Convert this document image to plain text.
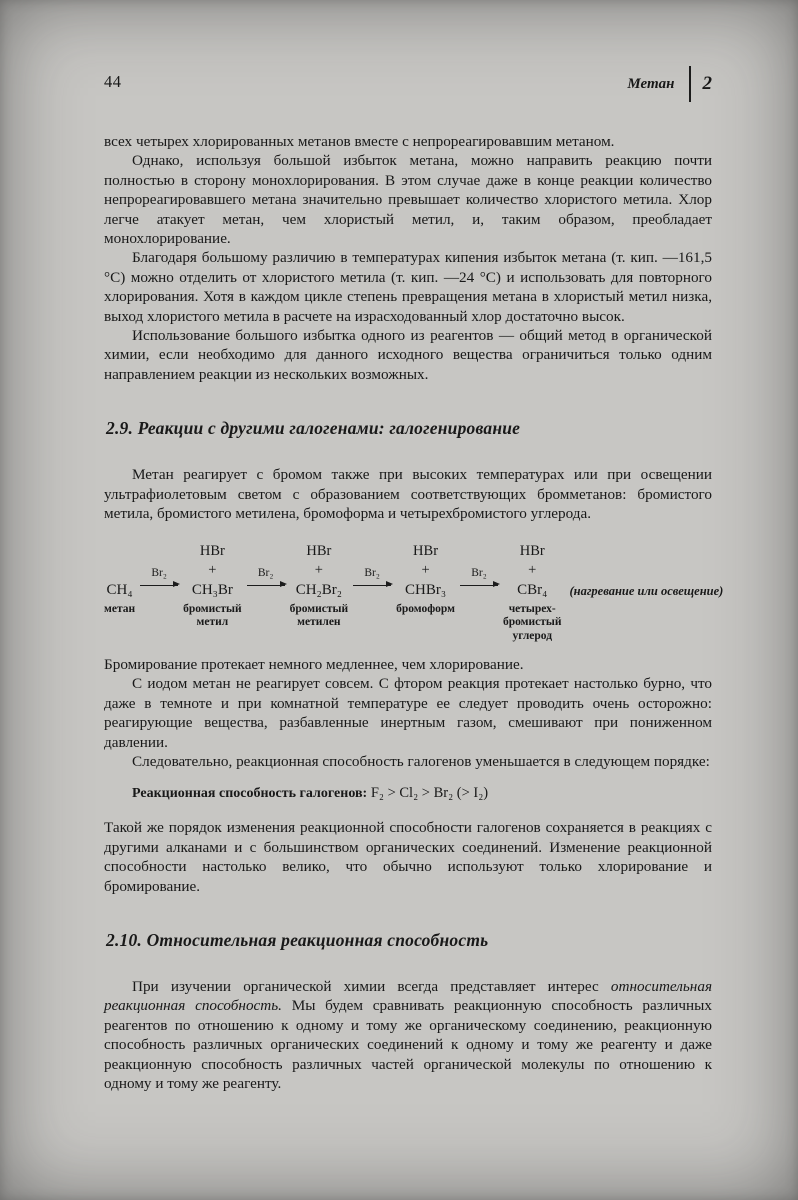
44	Метан 2

всех четырех хлорированных метанов вместе с непрореагировавшим метаном.

Однако, используя большой избыток метана, можно направить реакцию почти полностью в сторону монохлорирования. В этом случае даже в конце реакции количество непрореагировавшего метана значительно превышает количество хлористого метила. Хлор легче атакует метан, чем хлористый метил, и, таким образом, преобладает монохлорирование.

Благодаря большому различию в температурах кипения избыток метана (т. кип. —161,5 °С) можно отделить от хлористого метила (т. кип. —24 °С) и использовать для повторного хлорирования. Хотя в каждом цикле степень превращения метана в хлористый метил низка, выход хлористого метила в расчете на израсходованный хлор достаточно высок.

Использование большого избытка одного из реагентов — общий метод в органической химии, если необходимо для данного исходного вещества ограничиться только одним направлением реакции из нескольких возможных.

2.9. Реакции с другими галогенами: галогенирование

Метан реагирует с бромом также при высоких температурах или при освещении ультрафиолетовым светом с образованием соответствующих бромметанов: бромистого метила, бромистого метилена, бромоформа и четырехбромистого углерода.

CH₄
метан
Br₂
HBr
+
CH₃Br
бромистый метил
Br₂
HBr
+
CH₂Br₂
бромистый метилен
Br₂
HBr
+
CHBr₃
бромоформ
Br₂
HBr
+
CBr₄
четырех-бромистый углерод
(нагревание или освещение)

Бромирование протекает немного медленнее, чем хлорирование.

С иодом метан не реагирует совсем. С фтором реакция протекает настолько бурно, что даже в темноте и при комнатной температуре ее следует проводить очень осторожно: реагирующие вещества, разбавленные инертным газом, смешивают при пониженном давлении.

Следовательно, реакционная способность галогенов уменьшается в следующем порядке:

Реакционная способность галогенов: F₂ > Cl₂ > Br₂ (> I₂)

Такой же порядок изменения реакционной способности галогенов сохраняется в реакциях с другими алканами и с большинством органических соединений. Изменение реакционной способности настолько велико, что обычно используют только хлорирование и бромирование.

2.10. Относительная реакционная способность

При изучении органической химии всегда представляет интерес относительная реакционная способность. Мы будем сравнивать реакционную способность различных реагентов по отношению к одному и тому же органическому соединению, реакционную способность различных органических соединений к одному и тому же реагенту и даже реакционную способность различных частей органической молекулы по отношению к одному и тому же реагенту.
